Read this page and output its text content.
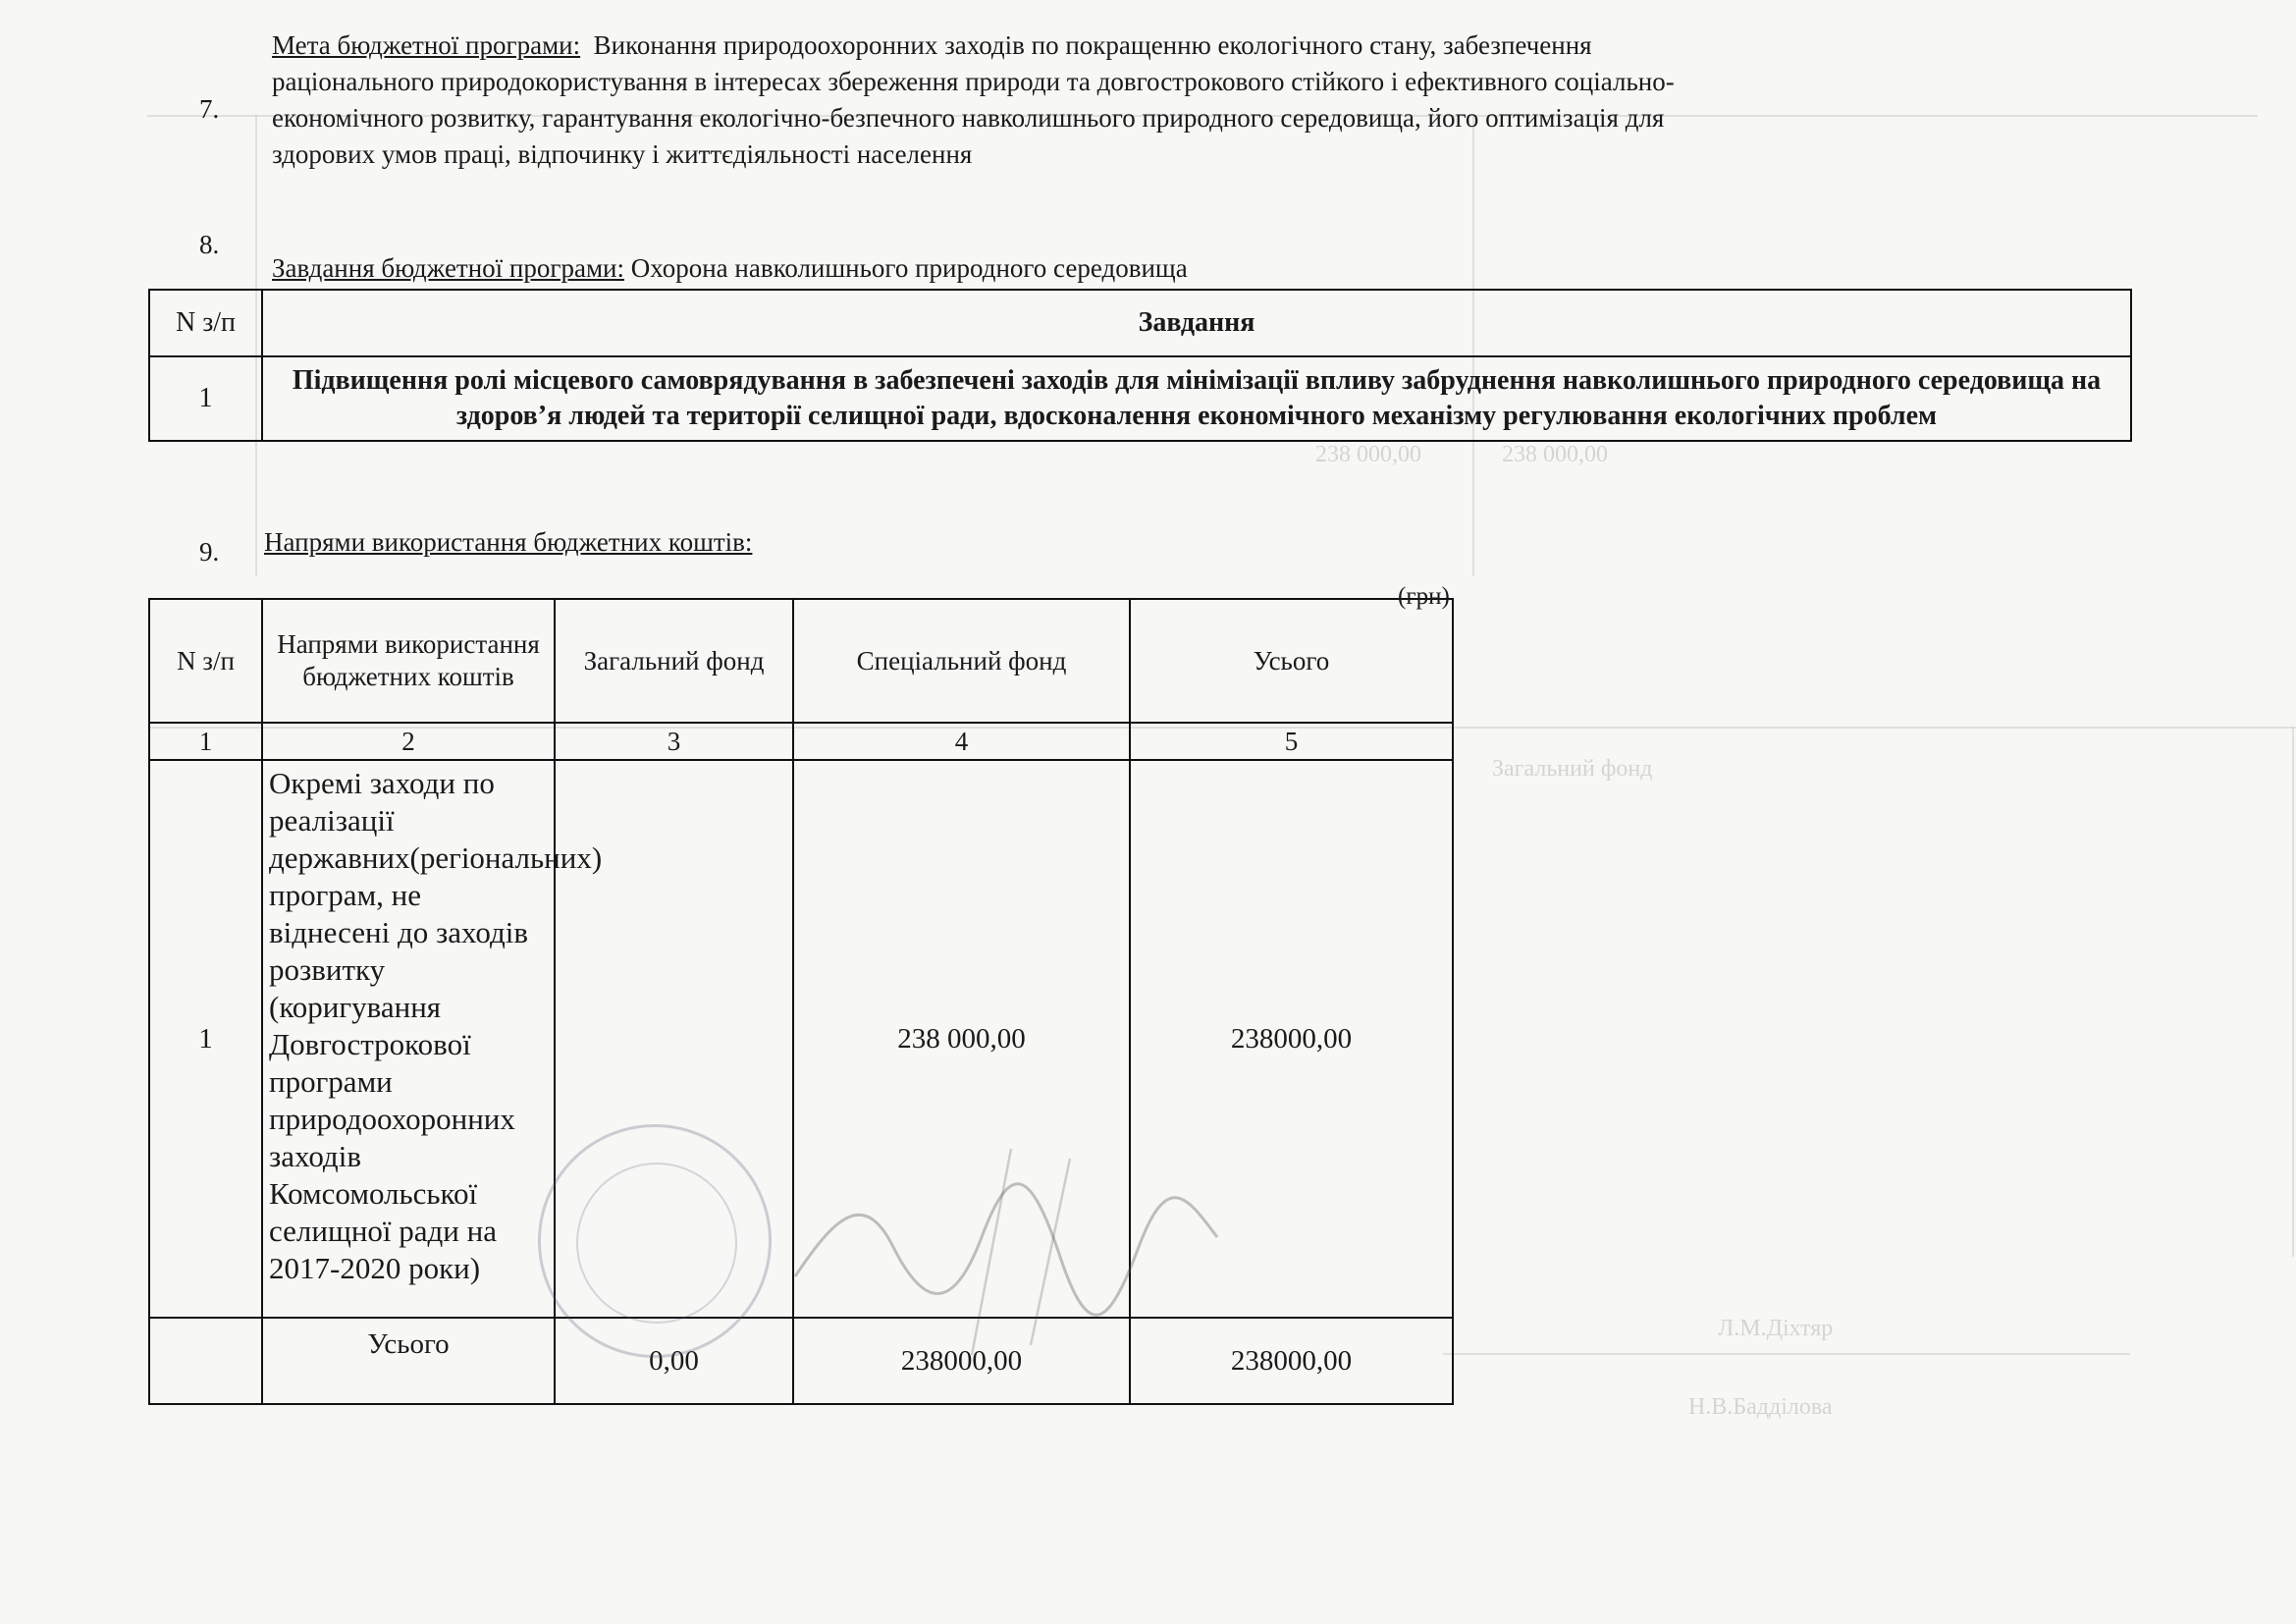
Загальний фонд
238 000,00
238 000,00
Л.М.Діхтяр
Н.В.Бадділова
7.
Мета бюджетної програми: Виконання природоохоронних заходів по покращенню екологічного стану, забезпечення
раціонального природокористування в інтересах збереження природи та довгострокового стійкого і ефективного соціально-
економічного розвитку, гарантування екологічно-безпечного навколишнього природного середовища, його оптимізація для
здорових умов праці, відпочинку і життєдіяльності населення
8.
Завдання бюджетної програми: Охорона навколишнього природного середовища
N з/п	Завдання
1	Підвищення ролі місцевого самоврядування в забезпечені заходів для мінімізації впливу забруднення навколишнього природного середовища на здоров’я людей та території селищної ради, вдосконалення економічного механізму регулювання екологічних проблем
9. Напрями використання бюджетних коштів:
N з/п	Напрями використання бюджетних коштів	Загальний фонд	Спеціальний фонд	Усього
1	2	3	4	5
1	Окремі заходи по реалізації державних(регіональних) програм, не віднесені до заходів розвитку (коригування Довгострокової програми природоохоронних заходів Комсомольської селищної ради на 2017-2020 роки)		238 000,00	238000,00
	Усього	0,00	238000,00	238000,00
(грн)
